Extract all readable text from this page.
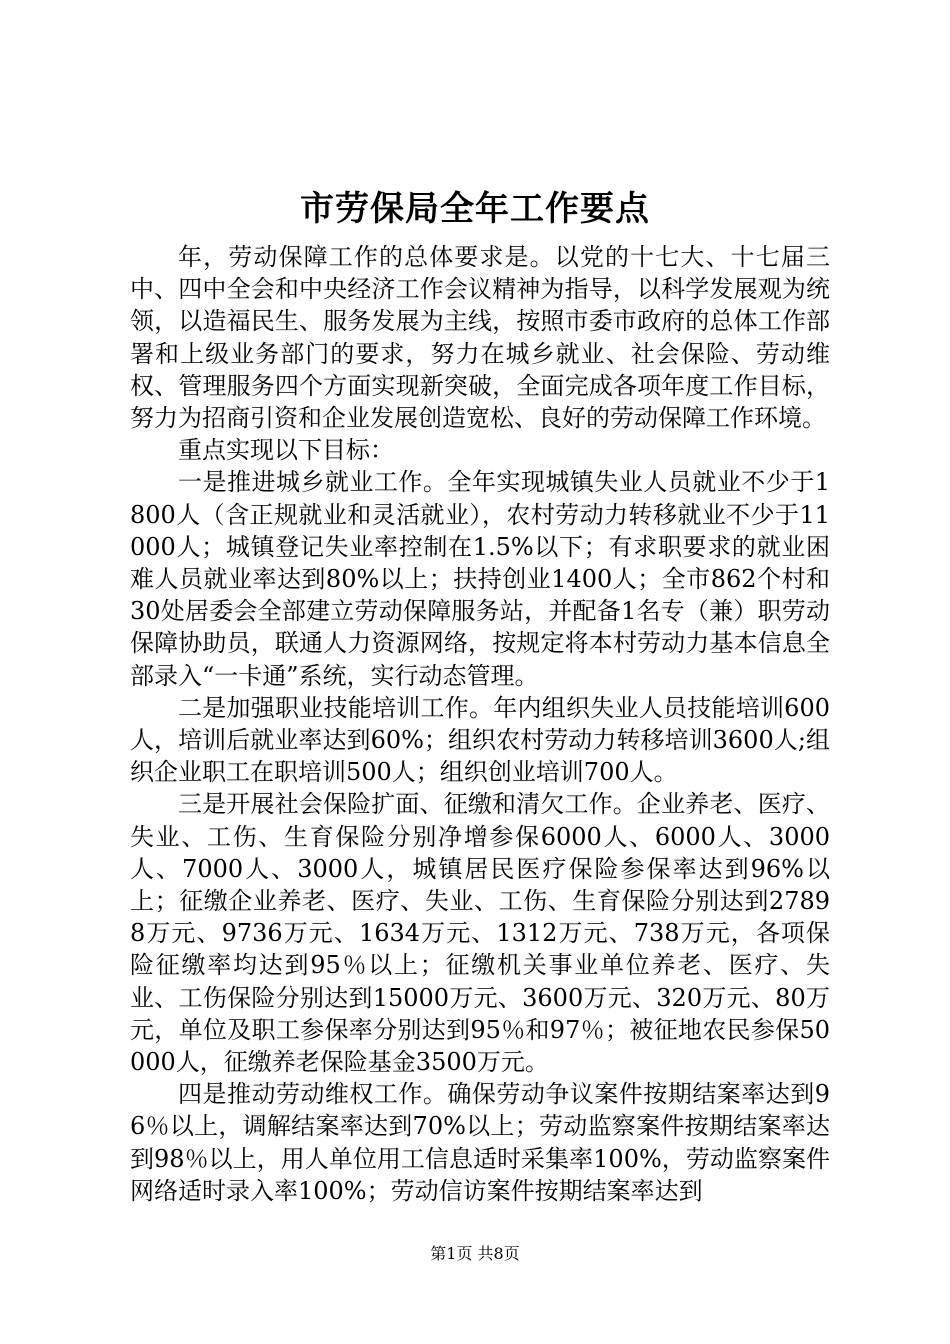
市劳保局全年工作要点

年，劳动保障工作的总体要求是。以党的十七大、十七届三中、四中全会和中央经济工作会议精神为指导，以科学发展观为统领，以造福民生、服务发展为主线，按照市委市政府的总体工作部署和上级业务部门的要求，努力在城乡就业、社会保险、劳动维权、管理服务四个方面实现新突破，全面完成各项年度工作目标，努力为招商引资和企业发展创造宽松、良好的劳动保障工作环境。

重点实现以下目标：

一是推进城乡就业工作。全年实现城镇失业人员就业不少于1800人（含正规就业和灵活就业），农村劳动力转移就业不少于11000人；城镇登记失业率控制在1.5%以下；有求职要求的就业困难人员就业率达到80%以上；扶持创业1400人；全市862个村和30处居委会全部建立劳动保障服务站，并配备1名专（兼）职劳动保障协助员，联通人力资源网络，按规定将本村劳动力基本信息全部录入“一卡通”系统，实行动态管理。

二是加强职业技能培训工作。年内组织失业人员技能培训600人，培训后就业率达到60%；组织农村劳动力转移培训3600人;组织企业职工在职培训500人；组织创业培训700人。

三是开展社会保险扩面、征缴和清欠工作。企业养老、医疗、失业、工伤、生育保险分别净增参保6000人、6000人、3000人、7000人、3000人，城镇居民医疗保险参保率达到96%以上；征缴企业养老、医疗、失业、工伤、生育保险分别达到27898万元、9736万元、1634万元、1312万元、738万元，各项保险征缴率均达到95％以上；征缴机关事业单位养老、医疗、失业、工伤保险分别达到15000万元、3600万元、320万元、80万元，单位及职工参保率分别达到95％和97％；被征地农民参保50000人，征缴养老保险基金3500万元。

四是推动劳动维权工作。确保劳动争议案件按期结案率达到96％以上，调解结案率达到70%以上；劳动监察案件按期结案率达到98％以上，用人单位用工信息适时采集率100%，劳动监察案件网络适时录入率100%；劳动信访案件按期结案率达到

第1页 共8页
